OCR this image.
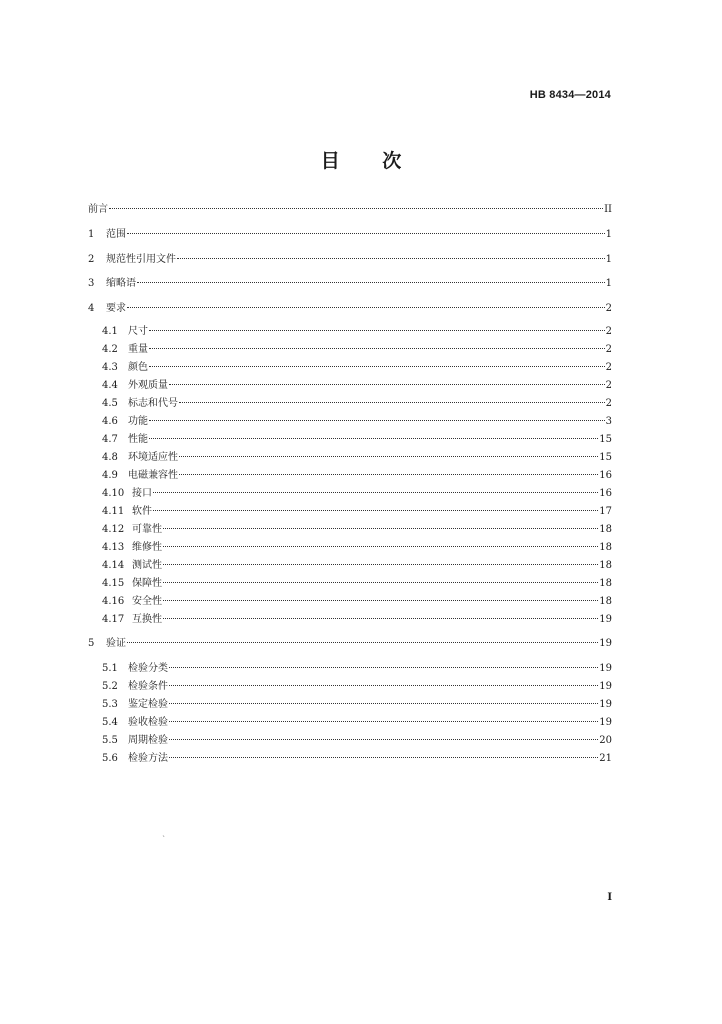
HB 8434—2014
目 次
前言	II
1	范围	1
2	规范性引用文件	1
3	缩略语	1
4	要求	2
4.1	尺寸	2
4.2	重量	2
4.3	颜色	2
4.4	外观质量	2
4.5	标志和代号	2
4.6	功能	3
4.7	性能	15
4.8	环境适应性	15
4.9	电磁兼容性	16
4.10 接口	16
4.11 软件	17
4.12 可靠性	18
4.13 维修性	18
4.14 测试性	18
4.15 保障性	18
4.16 安全性	18
4.17 互换性	19
5	验证	19
5.1	检验分类	19
5.2	检验条件	19
5.3	鉴定检验	19
5.4	验收检验	19
5.5	周期检验	20
5.6	检验方法	21
ˋ
I
